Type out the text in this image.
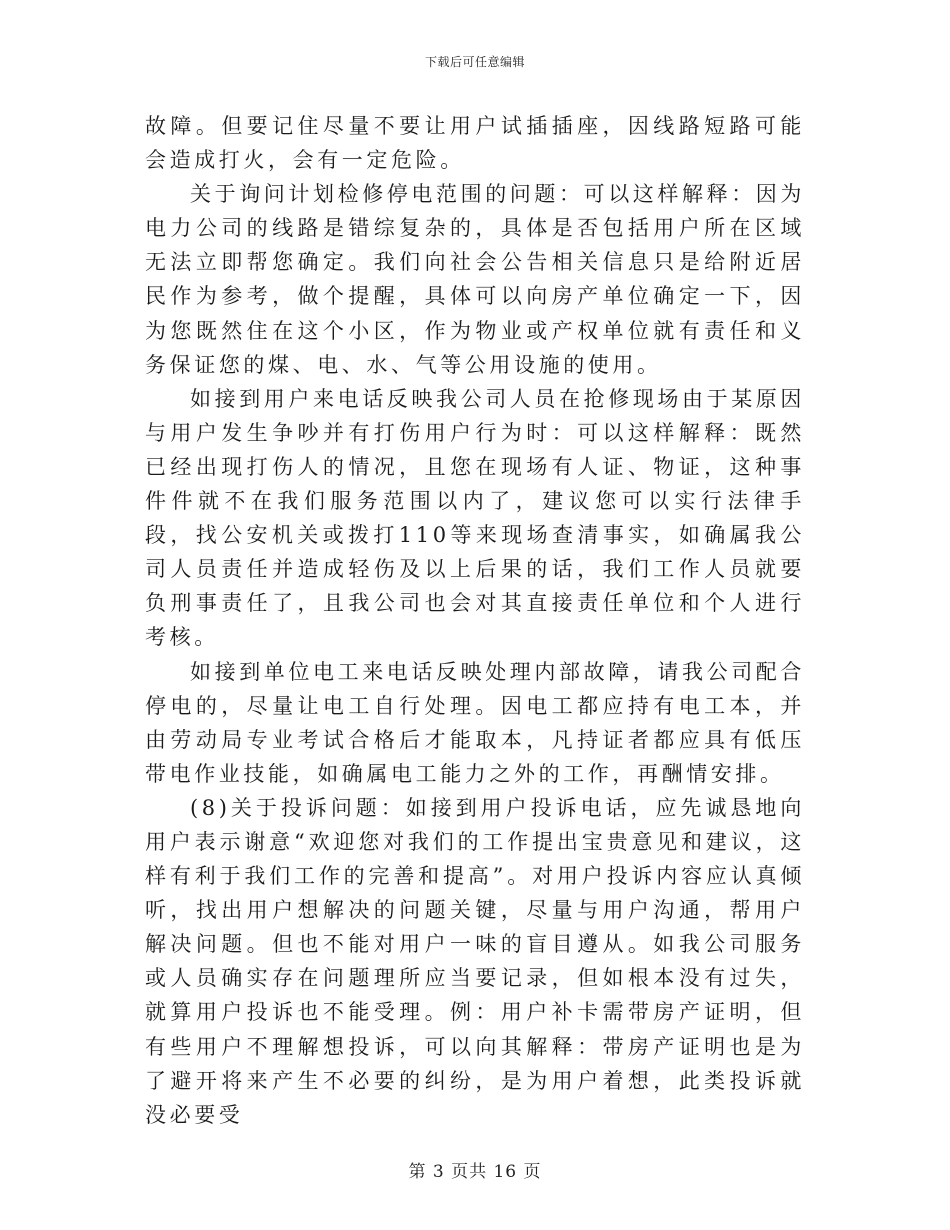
下载后可任意编辑

故障。但要记住尽量不要让用户试插插座，因线路短路可能会造成打火，会有一定危险。

关于询问计划检修停电范围的问题：可以这样解释：因为电力公司的线路是错综复杂的，具体是否包括用户所在区域无法立即帮您确定。我们向社会公告相关信息只是给附近居民作为参考，做个提醒，具体可以向房产单位确定一下，因为您既然住在这个小区，作为物业或产权单位就有责任和义务保证您的煤、电、水、气等公用设施的使用。

如接到用户来电话反映我公司人员在抢修现场由于某原因与用户发生争吵并有打伤用户行为时：可以这样解释：既然已经出现打伤人的情况，且您在现场有人证、物证，这种事件件就不在我们服务范围以内了，建议您可以实行法律手段，找公安机关或拨打110等来现场查清事实，如确属我公司人员责任并造成轻伤及以上后果的话，我们工作人员就要负刑事责任了，且我公司也会对其直接责任单位和个人进行考核。

如接到单位电工来电话反映处理内部故障，请我公司配合停电的，尽量让电工自行处理。因电工都应持有电工本，并由劳动局专业考试合格后才能取本，凡持证者都应具有低压带电作业技能，如确属电工能力之外的工作，再酬情安排。

(8)关于投诉问题：如接到用户投诉电话，应先诚恳地向用户表示谢意“欢迎您对我们的工作提出宝贵意见和建议，这样有利于我们工作的完善和提高”。对用户投诉内容应认真倾听，找出用户想解决的问题关键，尽量与用户沟通，帮用户解决问题。但也不能对用户一味的盲目遵从。如我公司服务或人员确实存在问题理所应当要记录，但如根本没有过失，就算用户投诉也不能受理。例：用户补卡需带房产证明，但有些用户不理解想投诉，可以向其解释：带房产证明也是为了避开将来产生不必要的纠纷，是为用户着想，此类投诉就没必要受

第 3 页共 16 页
